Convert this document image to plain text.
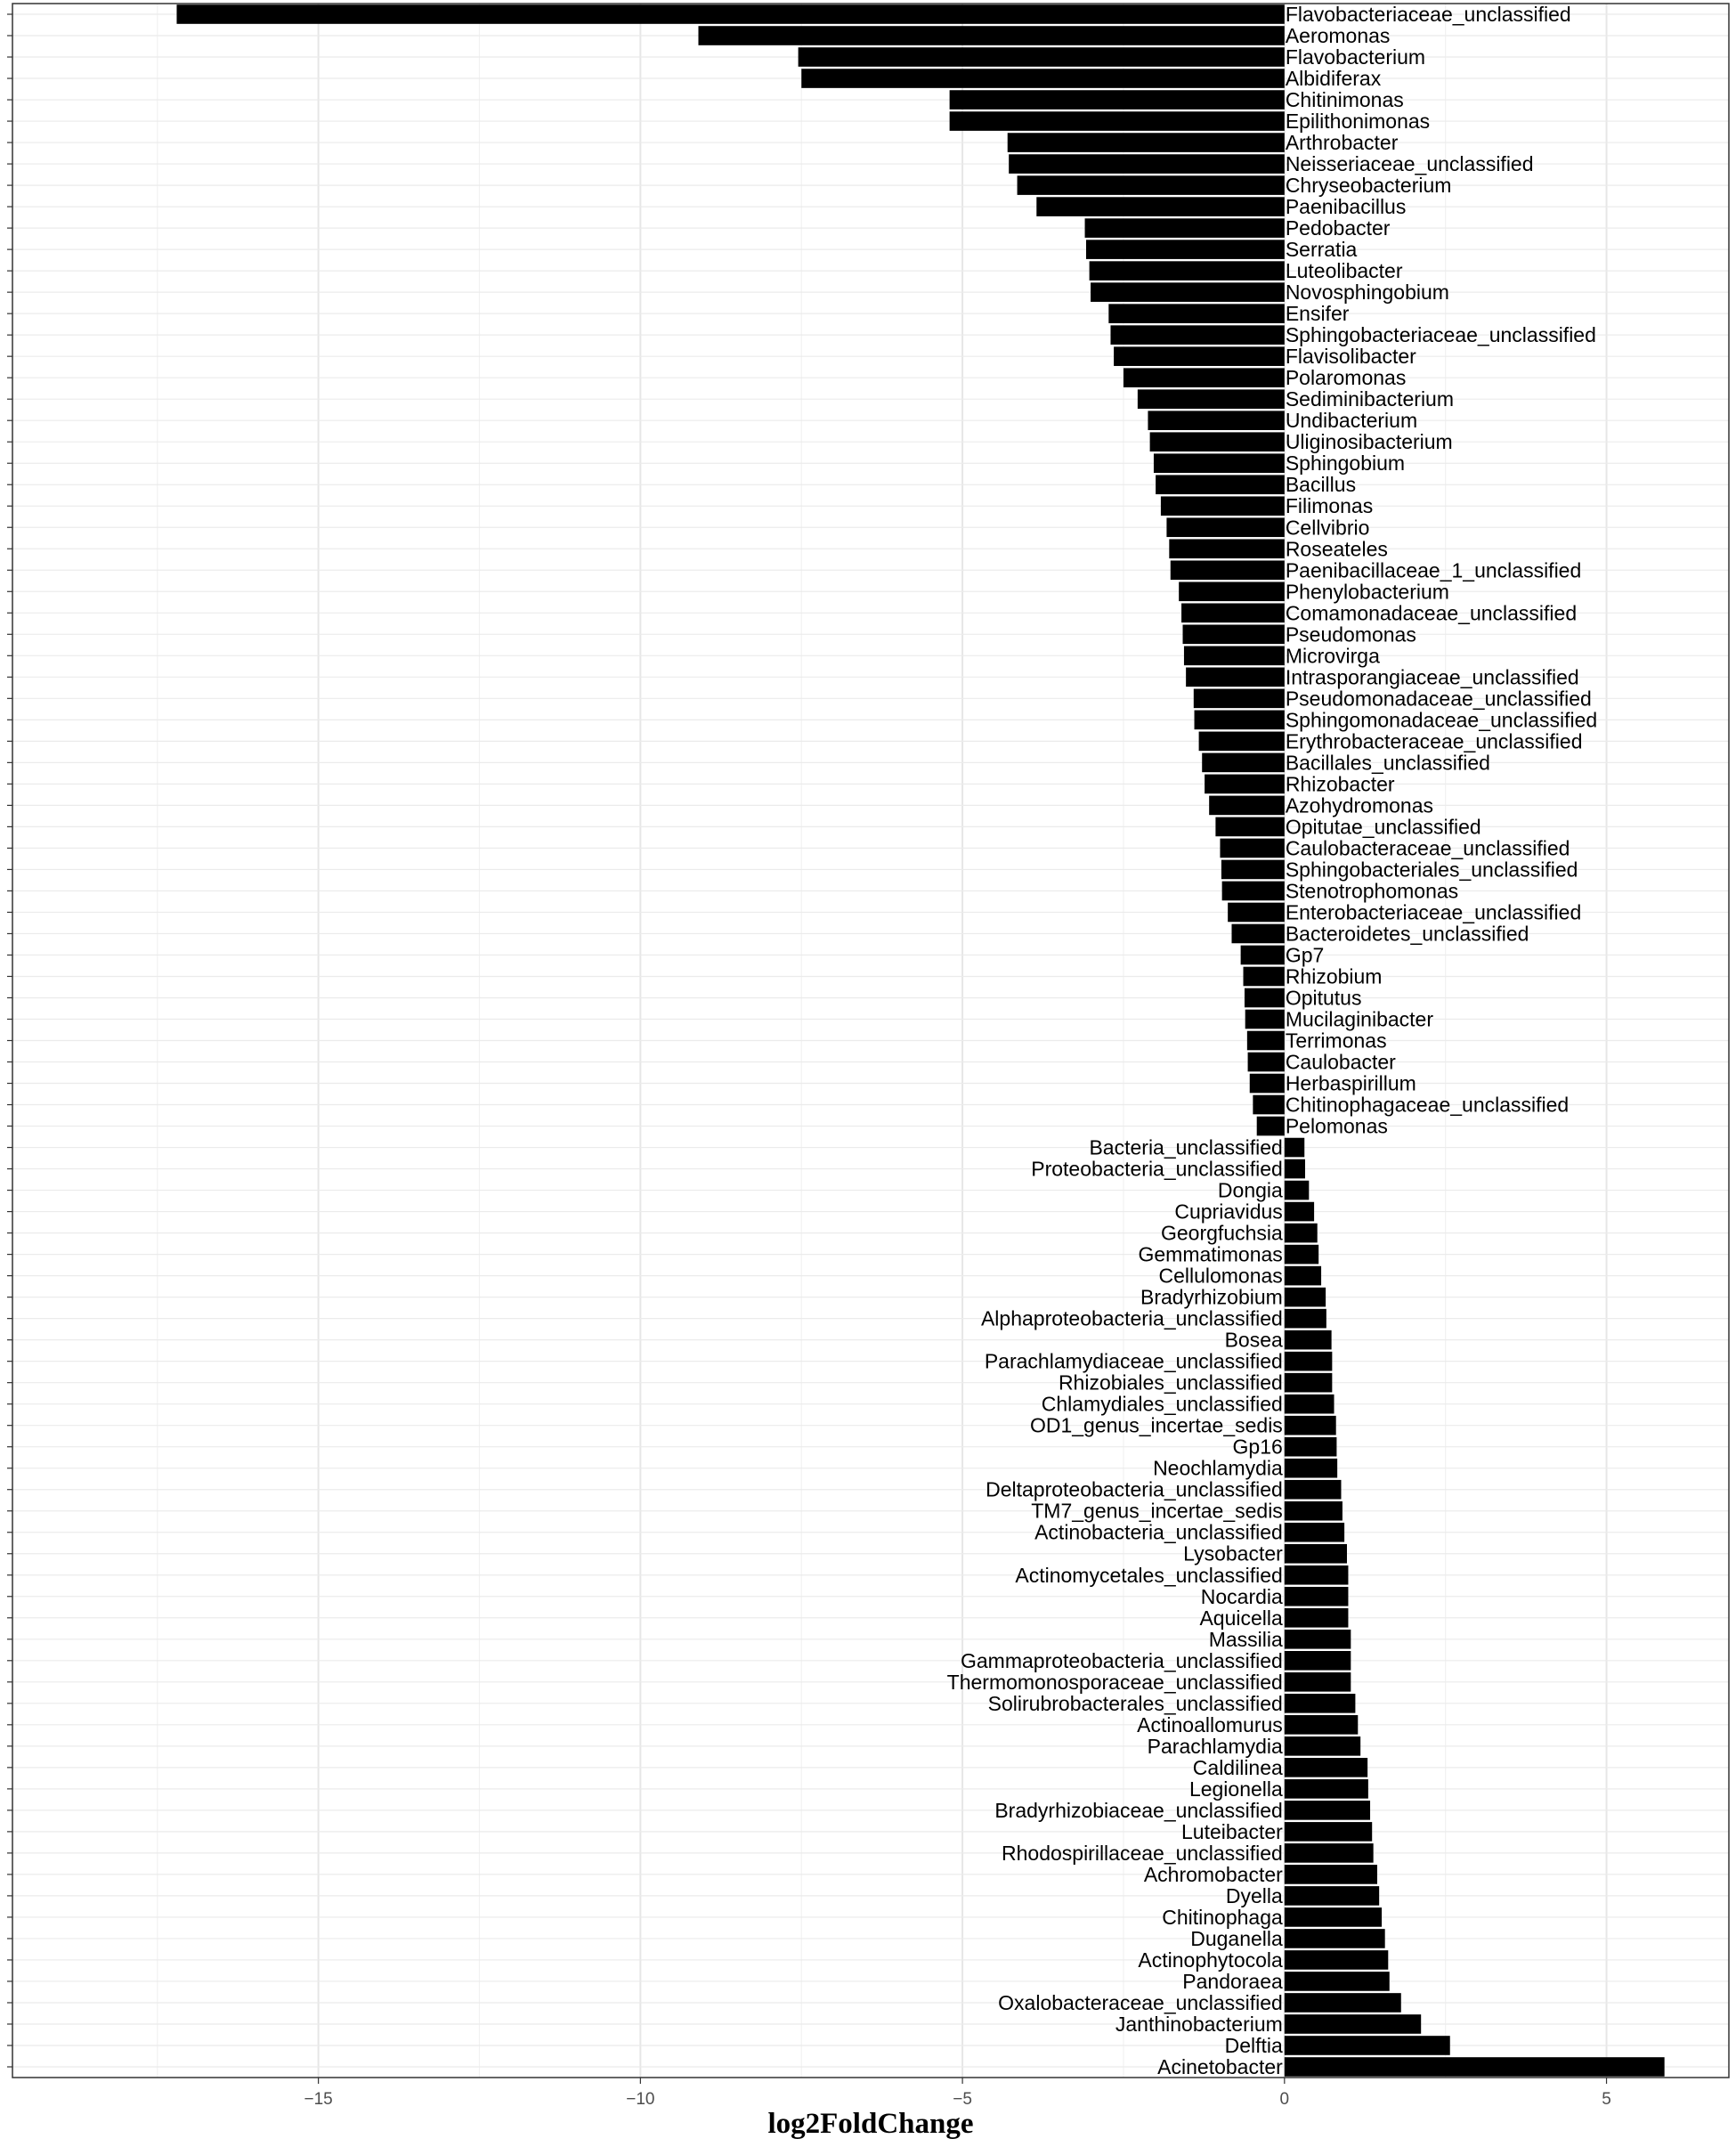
Flavobacteriaceae_unclassified
Aeromonas
Flavobacterium
Albidiferax
Chitinimonas
Epilithonimonas
Arthrobacter
Neisseriaceae_unclassified
Chryseobacterium
Paenibacillus
Pedobacter
Serratia
Luteolibacter
Novosphingobium
Ensifer
Sphingobacteriaceae_unclassified
Flavisolibacter
Polaromonas
Sediminibacterium
Undibacterium
Uliginosibacterium
Sphingobium
Bacillus
Filimonas
Cellvibrio
Roseateles
Paenibacillaceae_1_unclassified
Phenylobacterium
Comamonadaceae_unclassified
Pseudomonas
Microvirga
Intrasporangiaceae_unclassified
Pseudomonadaceae_unclassified
Sphingomonadaceae_unclassified
Erythrobacteraceae_unclassified
Bacillales_unclassified
Rhizobacter
Azohydromonas
Opitutae_unclassified
Caulobacteraceae_unclassified
Sphingobacteriales_unclassified
Stenotrophomonas
Enterobacteriaceae_unclassified
Bacteroidetes_unclassified
Gp7
Rhizobium
Opitutus
Mucilaginibacter
Terrimonas
Caulobacter
Herbaspirillum
Chitinophagaceae_unclassified
Pelomonas
Bacteria_unclassified
Proteobacteria_unclassified
Dongia
Cupriavidus
Georgfuchsia
Gemmatimonas
Cellulomonas
Bradyrhizobium
Alphaproteobacteria_unclassified
Bosea
Parachlamydiaceae_unclassified
Rhizobiales_unclassified
Chlamydiales_unclassified
OD1_genus_incertae_sedis
Gp16
Neochlamydia
Deltaproteobacteria_unclassified
TM7_genus_incertae_sedis
Actinobacteria_unclassified
Lysobacter
Actinomycetales_unclassified
Nocardia
Aquicella
Massilia
Gammaproteobacteria_unclassified
Thermomonosporaceae_unclassified
Solirubrobacterales_unclassified
Actinoallomurus
Parachlamydia
Caldilinea
Legionella
Bradyrhizobiaceae_unclassified
Luteibacter
Rhodospirillaceae_unclassified
Achromobacter
Dyella
Chitinophaga
Duganella
Actinophytocola
Pandoraea
Oxalobacteraceae_unclassified
Janthinobacterium
Delftia
Acinetobacter
−15	−10	−5	0	5
log2FoldChange
